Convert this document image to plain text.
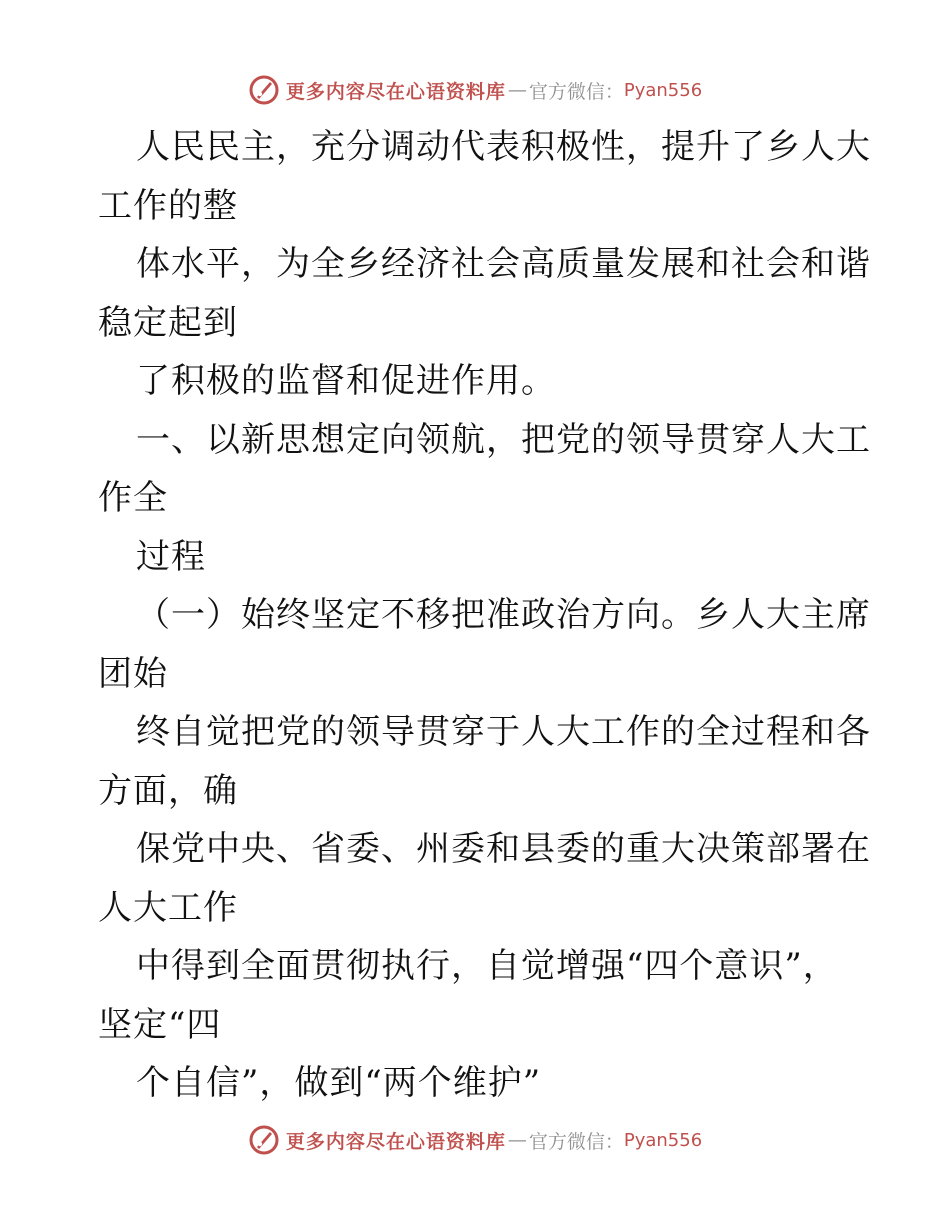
更多内容尽在心语资料库 — 官方微信： Pyan556
人民民主，充分调动代表积极性，提升了乡人大
工作的整
体水平，为全乡经济社会高质量发展和社会和谐
稳定起到
了积极的监督和促进作用。
一、以新思想定向领航，把党的领导贯穿人大工
作全
过程
（一）始终坚定不移把准政治方向。乡人大主席
团始
终自觉把党的领导贯穿于人大工作的全过程和各
方面，确
保党中央、省委、州委和县委的重大决策部署在
人大工作
中得到全面贯彻执行，自觉增强“四个意识”，
坚定“四
个自信”，做到“两个维护”
更多内容尽在心语资料库 — 官方微信： Pyan556
